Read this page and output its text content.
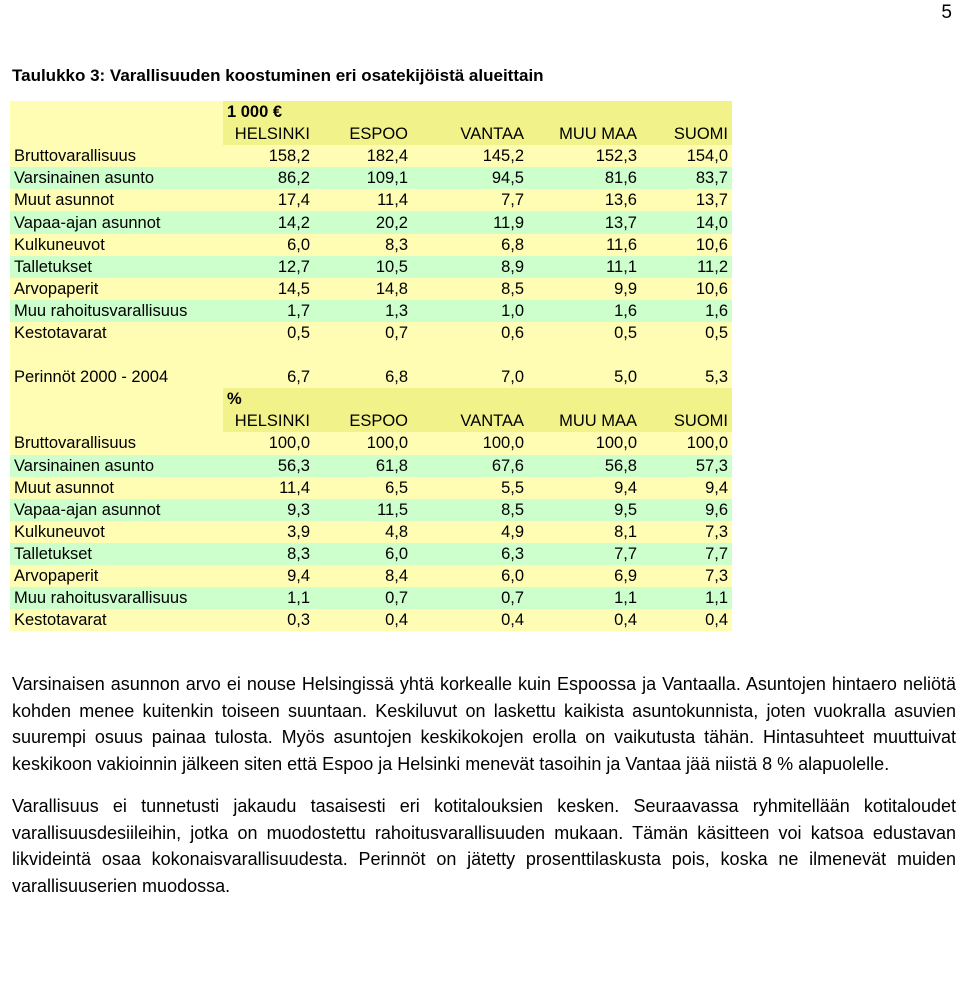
5
Taulukko 3: Varallisuuden koostuminen eri osatekijöistä alueittain
	1 000 €				
	HELSINKI	ESPOO	VANTAA	MUU MAA	SUOMI
Bruttovarallisuus	158,2	182,4	145,2	152,3	154,0
Varsinainen asunto	86,2	109,1	94,5	81,6	83,7
Muut asunnot	17,4	11,4	7,7	13,6	13,7
Vapaa-ajan asunnot	14,2	20,2	11,9	13,7	14,0
Kulkuneuvot	6,0	8,3	6,8	11,6	10,6
Talletukset	12,7	10,5	8,9	11,1	11,2
Arvopaperit	14,5	14,8	8,5	9,9	10,6
Muu rahoitusvarallisuus	1,7	1,3	1,0	1,6	1,6
Kestotavarat	0,5	0,7	0,6	0,5	0,5

Perinnöt 2000 - 2004	6,7	6,8	7,0	5,0	5,3
	%				
	HELSINKI	ESPOO	VANTAA	MUU MAA	SUOMI
Bruttovarallisuus	100,0	100,0	100,0	100,0	100,0
Varsinainen asunto	56,3	61,8	67,6	56,8	57,3
Muut asunnot	11,4	6,5	5,5	9,4	9,4
Vapaa-ajan asunnot	9,3	11,5	8,5	9,5	9,6
Kulkuneuvot	3,9	4,8	4,9	8,1	7,3
Talletukset	8,3	6,0	6,3	7,7	7,7
Arvopaperit	9,4	8,4	6,0	6,9	7,3
Muu rahoitusvarallisuus	1,1	0,7	0,7	1,1	1,1
Kestotavarat	0,3	0,4	0,4	0,4	0,4

Varsinaisen asunnon arvo ei nouse Helsingissä yhtä korkealle kuin Espoossa ja Vantaalla. Asuntojen hintaero neliötä kohden menee kuitenkin toiseen suuntaan. Keskiluvut on laskettu kaikista asuntokunnista, joten vuokralla asuvien suurempi osuus painaa tulosta. Myös asuntojen keskikokojen erolla on vaikutusta tähän. Hintasuhteet muuttuivat keskikoon vakioinnin jälkeen siten että Espoo ja Helsinki menevät tasoihin ja Vantaa jää niistä 8 % alapuolelle.

Varallisuus ei tunnetusti jakaudu tasaisesti eri kotitalouksien kesken. Seuraavassa ryhmitellään kotitaloudet varallisuusdesiileihin, jotka on muodostettu rahoitusvarallisuuden mukaan. Tämän käsitteen voi katsoa edustavan likvideintä osaa kokonaisvarallisuudesta. Perinnöt on jätetty prosenttilaskusta pois, koska ne ilmenevät muiden varallisuuserien muodossa.
